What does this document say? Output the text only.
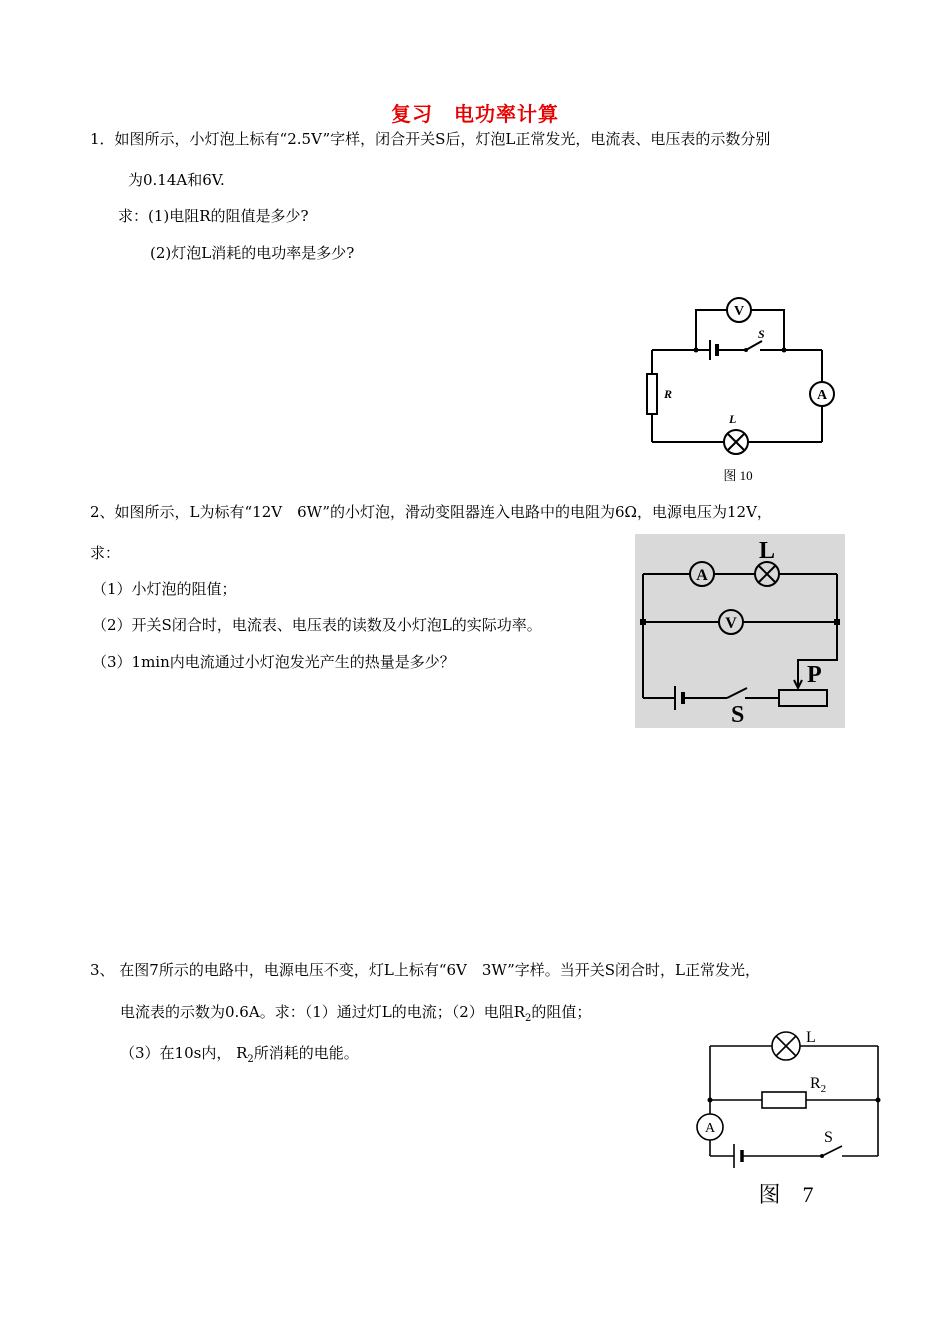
复习　电功率计算
1．如图所示，小灯泡上标有“2.5V”字样，闭合开关S后，灯泡L正常发光，电流表、电压表的示数分别
为0.14A和6V.
求：(1)电阻R的阻值是多少?
(2)灯泡L消耗的电功率是多少?
V
S
R
L
A
图 10
2、如图所示，L为标有“12V　6W”的小灯泡，滑动变阻器连入电路中的电阻为6Ω，电源电压为12V，
求：
（1）小灯泡的阻值；
（2）开关S闭合时，电流表、电压表的读数及小灯泡L的实际功率。
（3）1min内电流通过小灯泡发光产生的热量是多少？
L
A
V
P
S
3、 在图7所示的电路中，电源电压不变，灯L上标有“6V　3W”字样。当开关S闭合时，L正常发光，
电流表的示数为0.6A。求：（1）通过灯L的电流；（2）电阻$R_2$的阻值；
（3）在10s内， $R_2$所消耗的电能。
L
$R_2$
A
S
图　7
